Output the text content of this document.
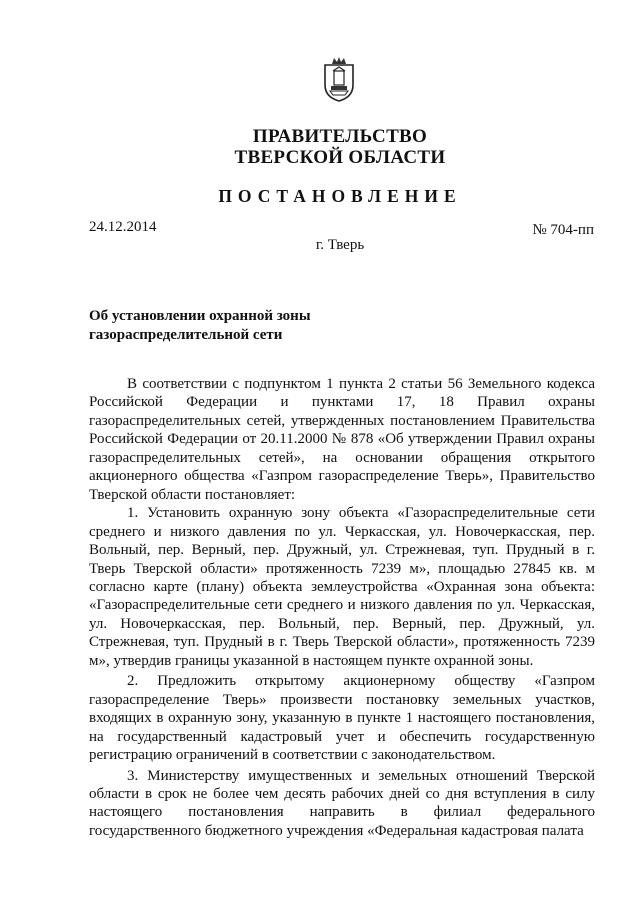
ПРАВИТЕЛЬСТВО
ТВЕРСКОЙ ОБЛАСТИ
ПОСТАНОВЛЕНИЕ
24.12.2014	№ 704-пп
г. Тверь
Об установлении охранной зоны
газораспределительной сети

В соответствии с подпунктом 1 пункта 2 статьи 56 Земельного кодекса Российской Федерации и пунктами 17, 18 Правил охраны газораспределительных сетей, утвержденных постановлением Правительства Российской Федерации от 20.11.2000 № 878 «Об утверждении Правил охраны газораспределительных сетей», на основании обращения открытого акционерного общества «Газпром газораспределение Тверь», Правительство Тверской области постановляет:

1. Установить охранную зону объекта «Газораспределительные сети среднего и низкого давления по ул. Черкасская, ул. Новочеркасская, пер. Вольный, пер. Верный, пер. Дружный, ул. Стрежневая, туп. Прудный в г. Тверь Тверской области» протяженность 7239 м», площадью 27845 кв. м согласно карте (плану) объекта землеустройства «Охранная зона объекта: «Газораспределительные сети среднего и низкого давления по ул. Черкасская, ул. Новочеркасская, пер. Вольный, пер. Верный, пер. Дружный, ул. Стрежневая, туп. Прудный в г. Тверь Тверской области», протяженность 7239 м», утвердив границы указанной в настоящем пункте охранной зоны.

2. Предложить открытому акционерному обществу «Газпром газораспределение Тверь» произвести постановку земельных участков, входящих в охранную зону, указанную в пункте 1 настоящего постановления, на государственный кадастровый учет и обеспечить государственную регистрацию ограничений в соответствии с законодательством.

3. Министерству имущественных и земельных отношений Тверской области в срок не более чем десять рабочих дней со дня вступления в силу настоящего постановления направить в филиал федерального государственного бюджетного учреждения «Федеральная кадастровая палата
